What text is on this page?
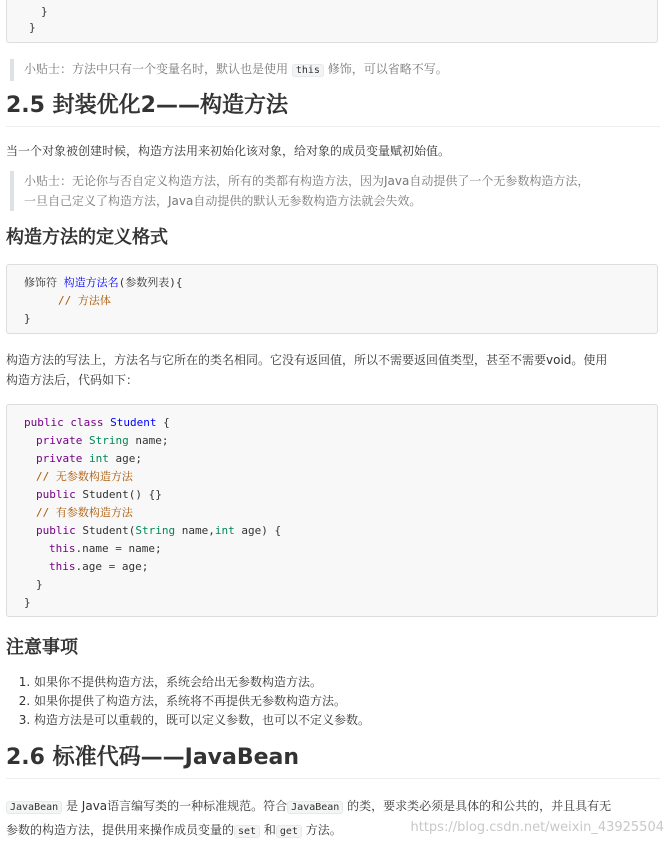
}
}
小贴士：方法中只有一个变量名时，默认也是使用 this 修饰，可以省略不写。
2.5 封装优化2——构造方法

当一个对象被创建时候，构造方法用来初始化该对象，给对象的成员变量赋初始值。

小贴士：无论你与否自定义构造方法，所有的类都有构造方法，因为Java自动提供了一个无参数构造方法，
一旦自己定义了构造方法，Java自动提供的默认无参数构造方法就会失效。
构造方法的定义格式
修饰符 构造方法名(参数列表){
// 方法体
}
构造方法的写法上，方法名与它所在的类名相同。它没有返回值，所以不需要返回值类型，甚至不需要void。使用
构造方法后，代码如下：
public class Student {
private String name;
private int age;
// 无参数构造方法
public Student() {}
// 有参数构造方法
public Student(String name,int age) {
this.name = name;
this.age = age;
}
}
注意事项
1. 如果你不提供构造方法，系统会给出无参数构造方法。
2. 如果你提供了构造方法，系统将不再提供无参数构造方法。
3. 构造方法是可以重载的，既可以定义参数，也可以不定义参数。
2.6 标准代码——JavaBean
JavaBean 是 Java语言编写类的一种标准规范。符合 JavaBean 的类，要求类必须是具体的和公共的，并且具有无
参数的构造方法，提供用来操作成员变量的 set 和 get 方法。	https://blog.csdn.net/weixin_43925504
